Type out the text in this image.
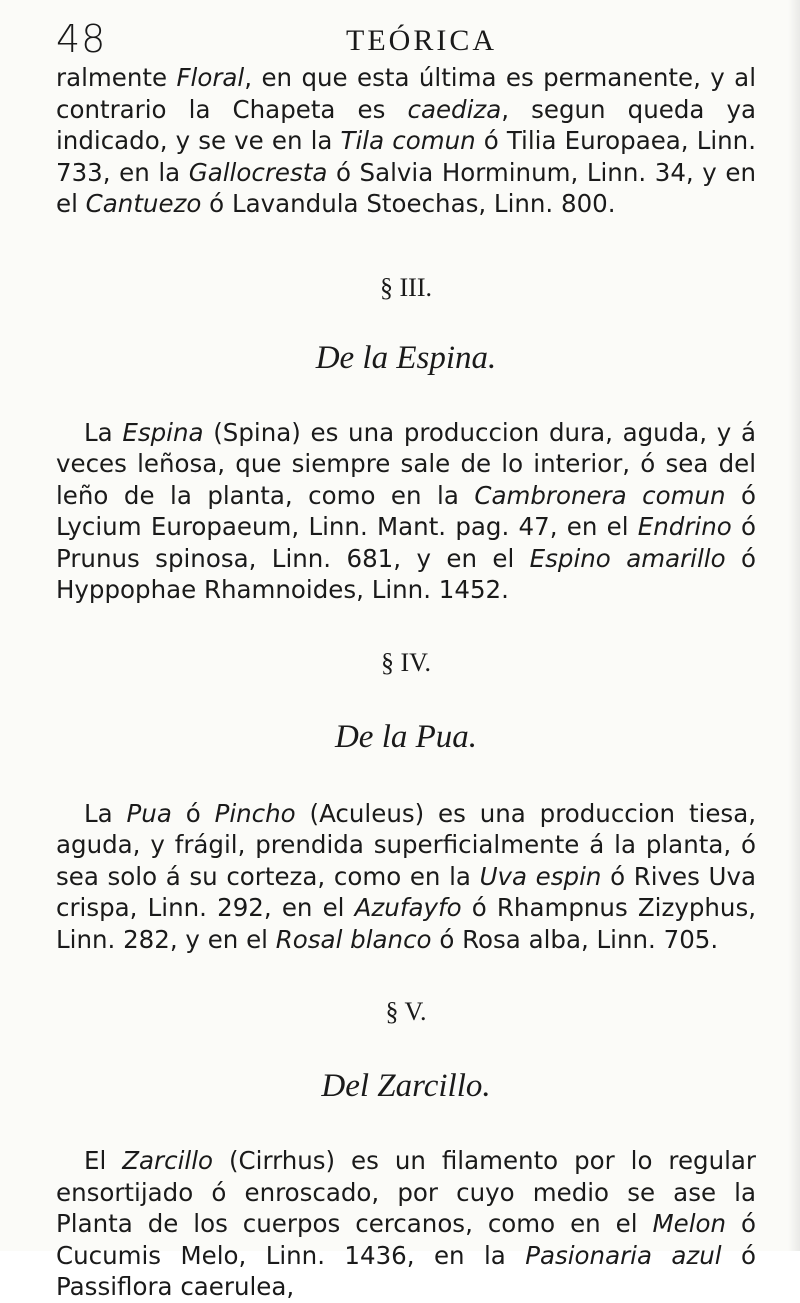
48	TEÓRICA

ralmente Floral, en que esta última es permanente, y al contrario la Chapeta es caediza, segun queda ya indicado, y se ve en la Tila comun ó Tilia Europaea, Linn. 733, en la Gallocresta ó Salvia Horminum, Linn. 34, y en el Cantuezo ó Lavandula Stoechas, Linn. 800.

§ III.
De la Espina.

La Espina (Spina) es una produccion dura, aguda, y á veces leñosa, que siempre sale de lo interior, ó sea del leño de la planta, como en la Cambronera comun ó Lycium Europaeum, Linn. Mant. pag. 47, en el Endrino ó Prunus spinosa, Linn. 681, y en el Espino amarillo ó Hyppophae Rhamnoides, Linn. 1452.

§ IV.
De la Pua.

La Pua ó Pincho (Aculeus) es una produccion tiesa, aguda, y frágil, prendida superficialmente á la planta, ó sea solo á su corteza, como en la Uva espin ó Rives Uva crispa, Linn. 292, en el Azufayfo ó Rhampnus Zizyphus, Linn. 282, y en el Rosal blanco ó Rosa alba, Linn. 705.

§ V.
Del Zarcillo.

El Zarcillo (Cirrhus) es un filamento por lo regular ensortijado ó enroscado, por cuyo medio se ase la Planta de los cuerpos cercanos, como en el Melon ó Cucumis Melo, Linn. 1436, en la Pasionaria azul ó Passiflora caerulea,
